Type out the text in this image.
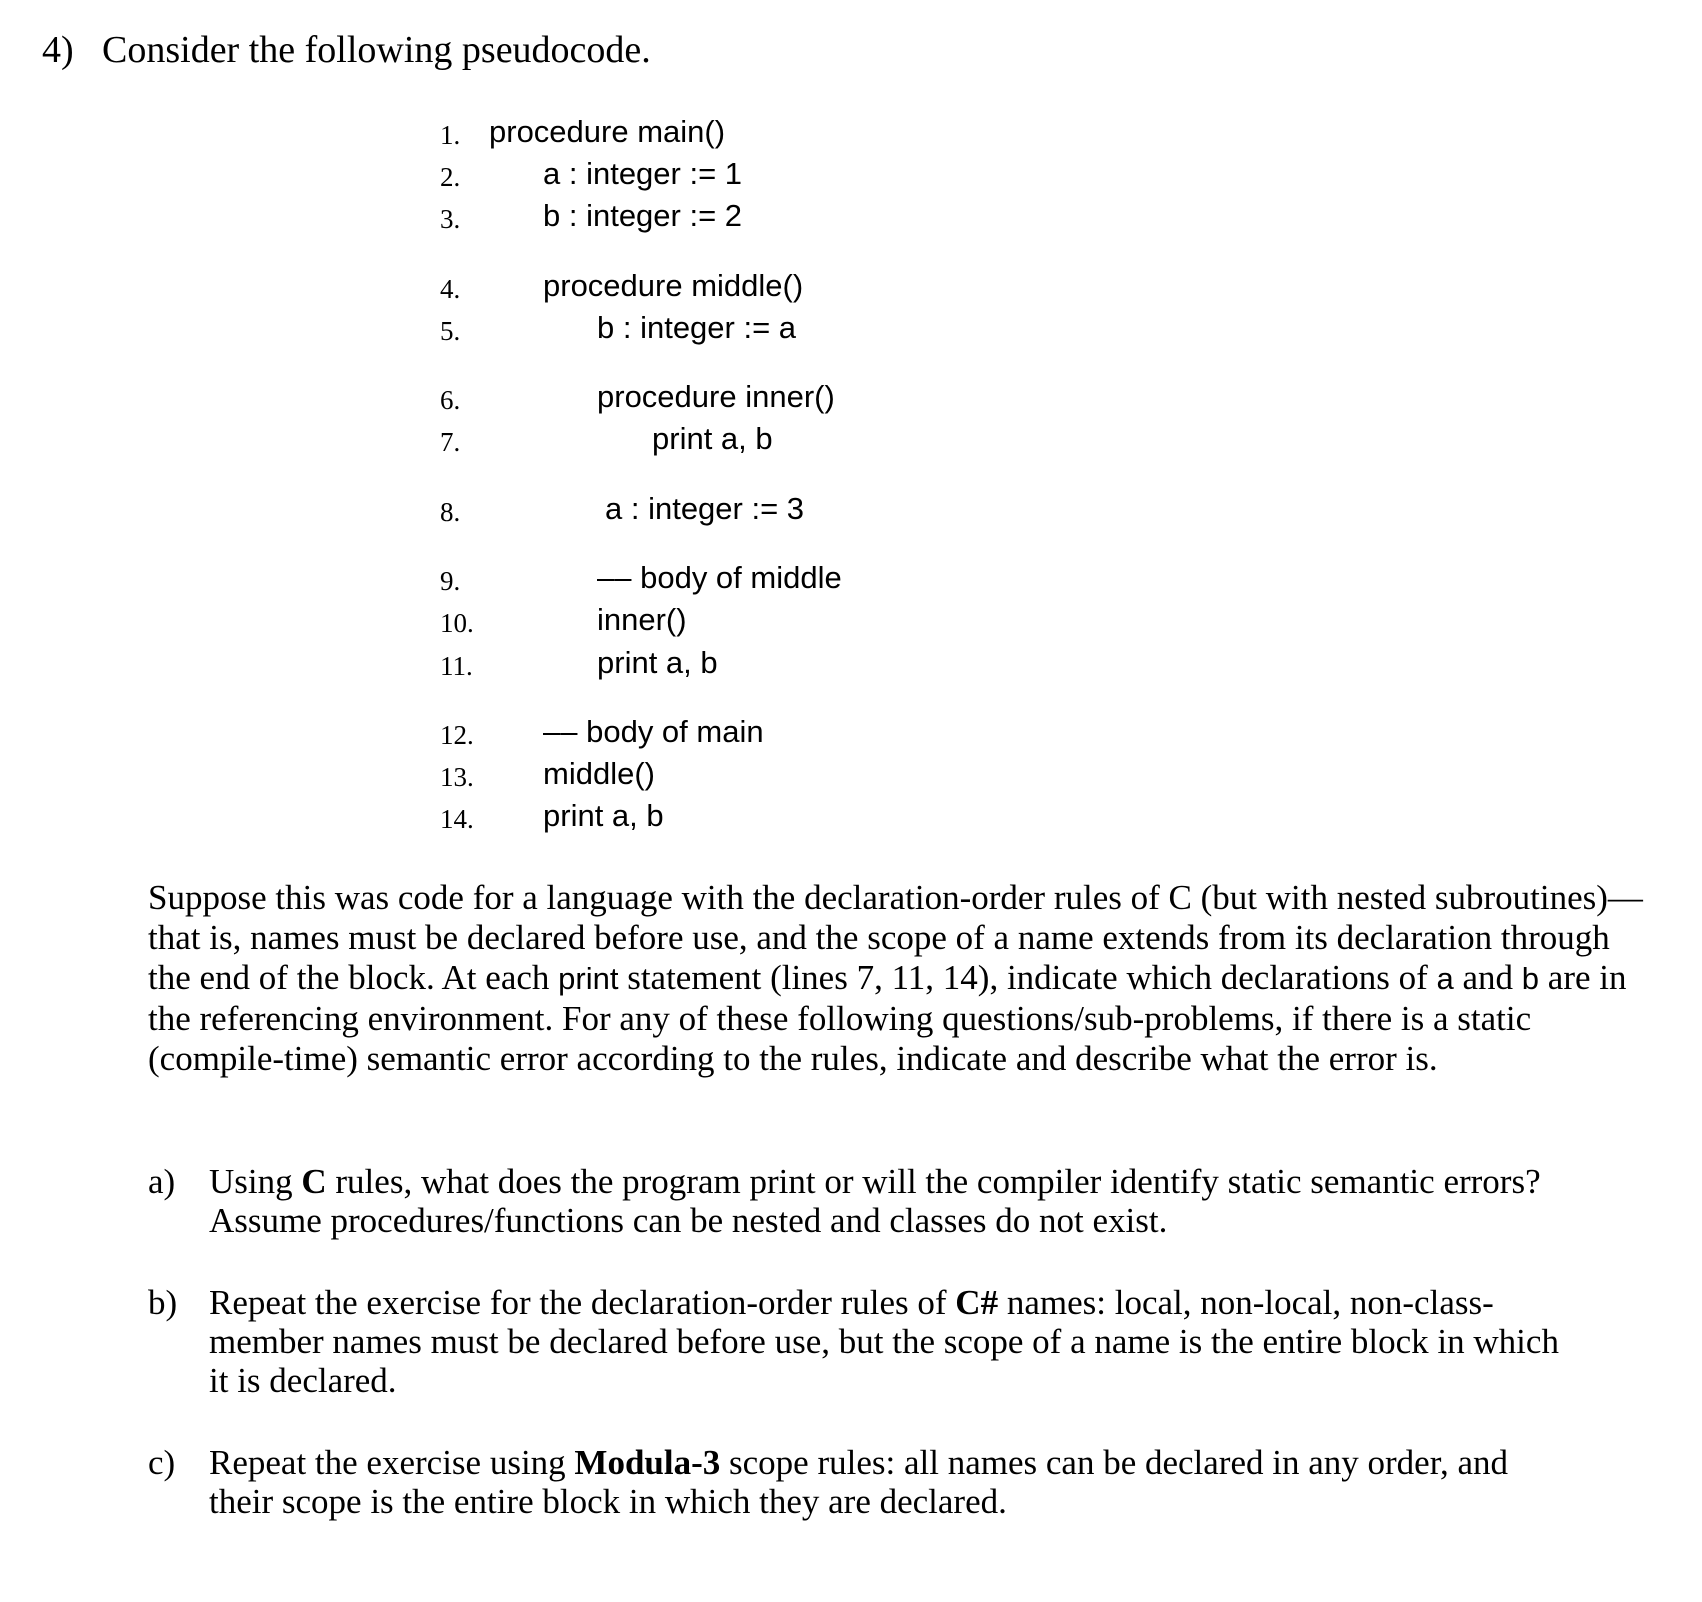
4) Consider the following pseudocode.
1. procedure main()
2.	a : integer := 1
3.	b : integer := 2
4.	procedure middle()
5.	b : integer := a
6.	procedure inner()
7.	print a, b
8.	a : integer := 3
9.	–– body of middle
10.	inner()
11.	print a, b
12. –– body of main
13. middle()
14. print a, b
Suppose this was code for a language with the declaration-order rules of C (but with nested subroutines)—that is, names must be declared before use, and the scope of a name extends from its declaration through the end of the block. At each print statement (lines 7, 11, 14), indicate which declarations of a and b are in the referencing environment. For any of these following questions/sub-problems, if there is a static (compile-time) semantic error according to the rules, indicate and describe what the error is.
a) Using C rules, what does the program print or will the compiler identify static semantic errors? Assume procedures/functions can be nested and classes do not exist.
b) Repeat the exercise for the declaration-order rules of C# names: local, non-local, non-class-member names must be declared before use, but the scope of a name is the entire block in which it is declared.
c) Repeat the exercise using Modula-3 scope rules: all names can be declared in any order, and their scope is the entire block in which they are declared.
